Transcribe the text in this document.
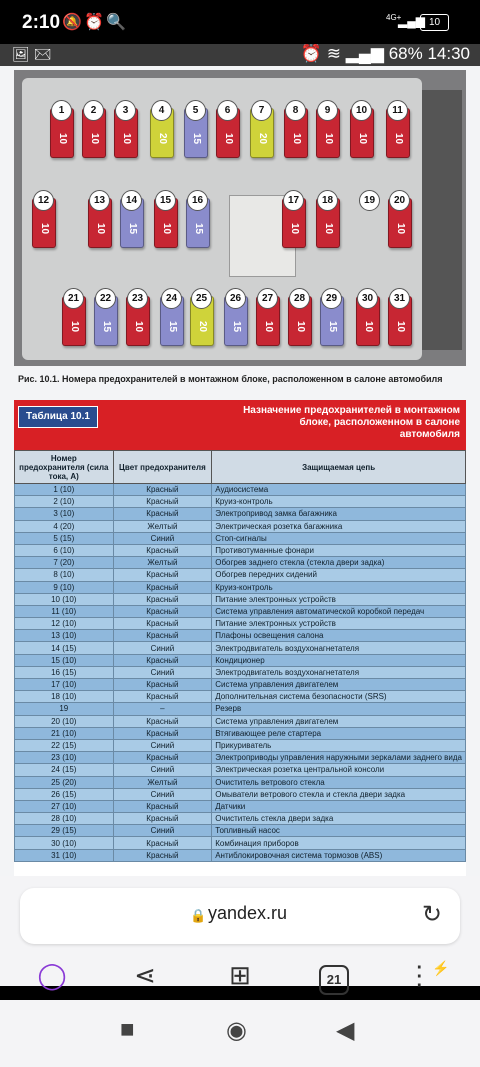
2:10 🔕 ⏰ 🔍	4G+
▂▄▆ 10
🖼 ✉	⏰ ≋ ▂▄▆ 68% 14:30
10
1
10
2
10
3
20
4
15
5
10
6
20
7
10
8
10
9
10
10
10
11
10
12
10
13
15
14
10
15
15
16
10
17
10
18	19
10
20
10
21
15
22
10
23
15
24
20
25
15
26
10
27
10
28
15
29
10
30
10
31
Рис. 10.1. Номера предохранителей в монтажном блоке, расположенном в салоне автомобиля
Таблица 10.1
Назначение предохранителей в монтажном блоке, расположенном в салоне автомобиля
Номер предохранителя (сила тока, А)	Цвет предохранителя	Защищаемая цепь
1 (10)	Красный	Аудиосистема
2 (10)	Красный	Круиз-контроль
3 (10)	Красный	Электропривод замка багажника
4 (20)	Желтый	Электрическая розетка багажника
5 (15)	Синий	Стоп-сигналы
6 (10)	Красный	Противотуманные фонари
7 (20)	Желтый	Обогрев заднего стекла (стекла двери задка)
8 (10)	Красный	Обогрев передних сидений
9 (10)	Красный	Круиз-контроль
10 (10)	Красный	Питание электронных устройств
11 (10)	Красный	Система управления автоматической коробкой передач
12 (10)	Красный	Питание электронных устройств
13 (10)	Красный	Плафоны освещения салона
14 (15)	Синий	Электродвигатель воздухонагнетателя
15 (10)	Красный	Кондиционер
16 (15)	Синий	Электродвигатель воздухонагнетателя
17 (10)	Красный	Система управления двигателем
18 (10)	Красный	Дополнительная система безопасности (SRS)
19	–	Резерв
20 (10)	Красный	Система управления двигателем
21 (10)	Красный	Втягивающее реле стартера
22 (15)	Синий	Прикуриватель
23 (10)	Красный	Электроприводы управления наружными зеркалами заднего вида
24 (15)	Синий	Электрическая розетка центральной консоли
25 (20)	Желтый	Очиститель ветрового стекла
26 (15)	Синий	Омыватели ветрового стекла и стекла двери задка
27 (10)	Красный	Датчики
28 (10)	Красный	Очиститель стекла двери задка
29 (15)	Синий	Топливный насос
30 (10)	Красный	Комбинация приборов
31 (10)	Красный	Антиблокировочная система тормозов (ABS)
🔒 yandex.ru	↻
◯	⋖	⊞	21	⋮⚡
■	◉	◀
